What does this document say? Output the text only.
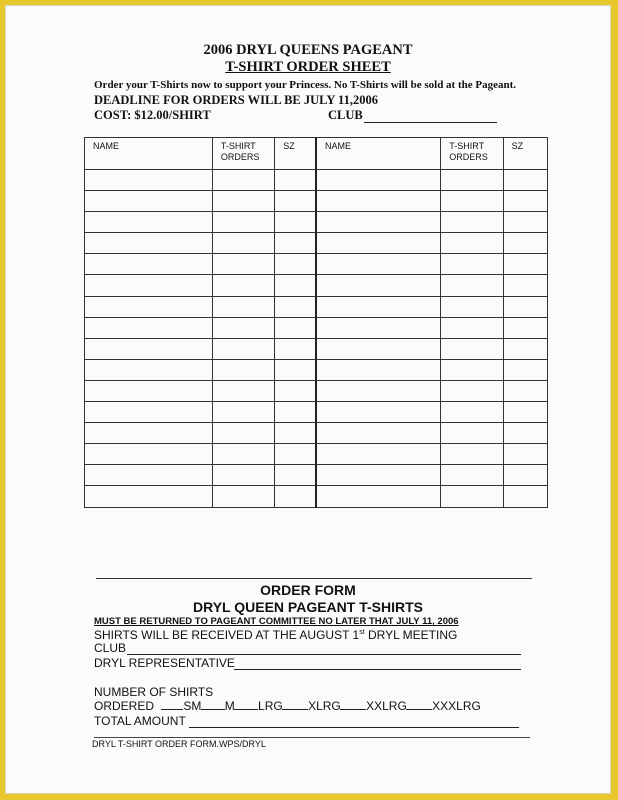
2006 DRYL QUEENS PAGEANT
T-SHIRT ORDER SHEET
Order your T-Shirts now to support your Princess. No T-Shirts will be sold at the Pageant.
DEADLINE FOR ORDERS WILL BE JULY 11,2006
COST: $12.00/SHIRT	CLUB
NAME	T-SHIRT ORDERS	SZ	NAME	T-SHIRT ORDERS	SZ

ORDER FORM
DRYL QUEEN PAGEANT T-SHIRTS
MUST BE RETURNED TO PAGEANT COMMITTEE NO LATER THAT JULY 11, 2006
SHIRTS WILL BE RECEIVED AT THE AUGUST 1st DRYL MEETING
CLUB
DRYL REPRESENTATIVE
NUMBER OF SHIRTS
ORDERED SM M LRG XLRG XXLRG XXXLRG
TOTAL AMOUNT
DRYL T-SHIRT ORDER FORM.WPS/DRYL
